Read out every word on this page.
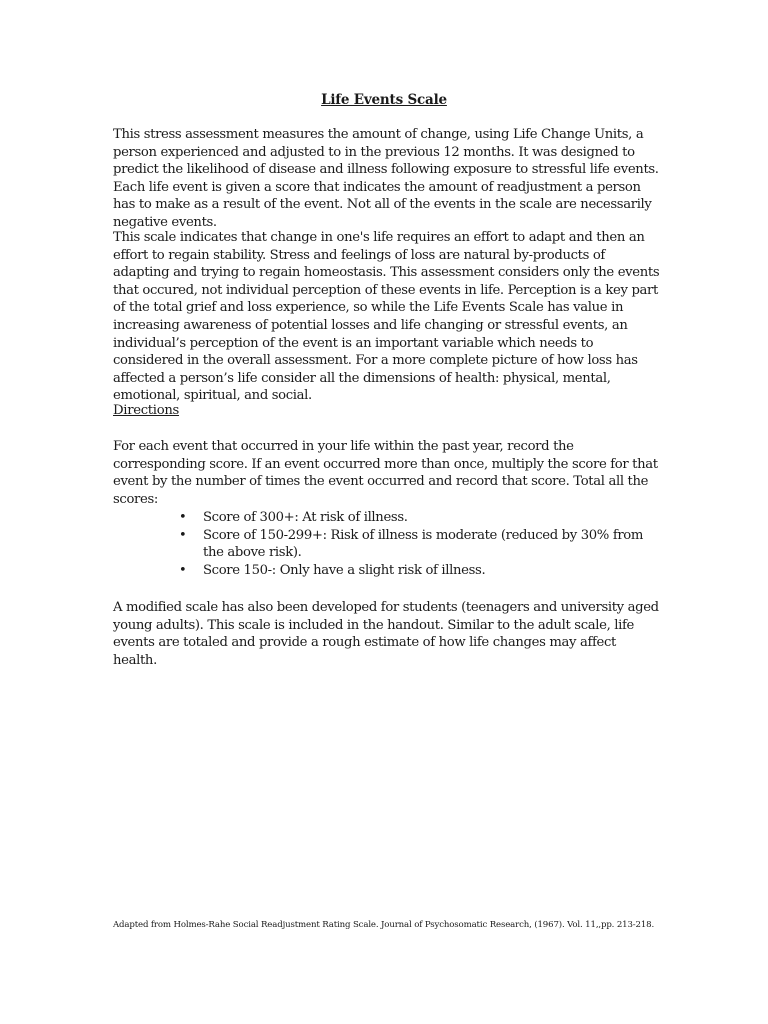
Life Events Scale

This stress assessment measures the amount of change, using Life Change Units, a person experienced and adjusted to in the previous 12 months. It was designed to predict the likelihood of disease and illness following exposure to stressful life events. Each life event is given a score that indicates the amount of readjustment a person has to make as a result of the event. Not all of the events in the scale are necessarily negative events.

This scale indicates that change in one's life requires an effort to adapt and then an effort to regain stability. Stress and feelings of loss are natural by-products of adapting and trying to regain homeostasis. This assessment considers only the events that occured, not individual perception of these events in life. Perception is a key part of the total grief and loss experience, so while the Life Events Scale has value in increasing awareness of potential losses and life changing or stressful events, an individual’s perception of the event is an important variable which needs to considered in the overall assessment. For a more complete picture of how loss has affected a person’s life consider all the dimensions of health: physical, mental, emotional, spiritual, and social.

Directions

For each event that occurred in your life within the past year, record the corresponding score. If an event occurred more than once, multiply the score for that event by the number of times the event occurred and record that score. Total all the scores:

• Score of 300+: At risk of illness.
• Score of 150-299+: Risk of illness is moderate (reduced by 30% from the above risk).
• Score 150-: Only have a slight risk of illness.

A modified scale has also been developed for students (teenagers and university aged young adults). This scale is included in the handout. Similar to the adult scale, life events are totaled and provide a rough estimate of how life changes may affect health.

Adapted from Holmes-Rahe Social Readjustment Rating Scale. Journal of Psychosomatic Research, (1967). Vol. 11,,pp. 213-218.
